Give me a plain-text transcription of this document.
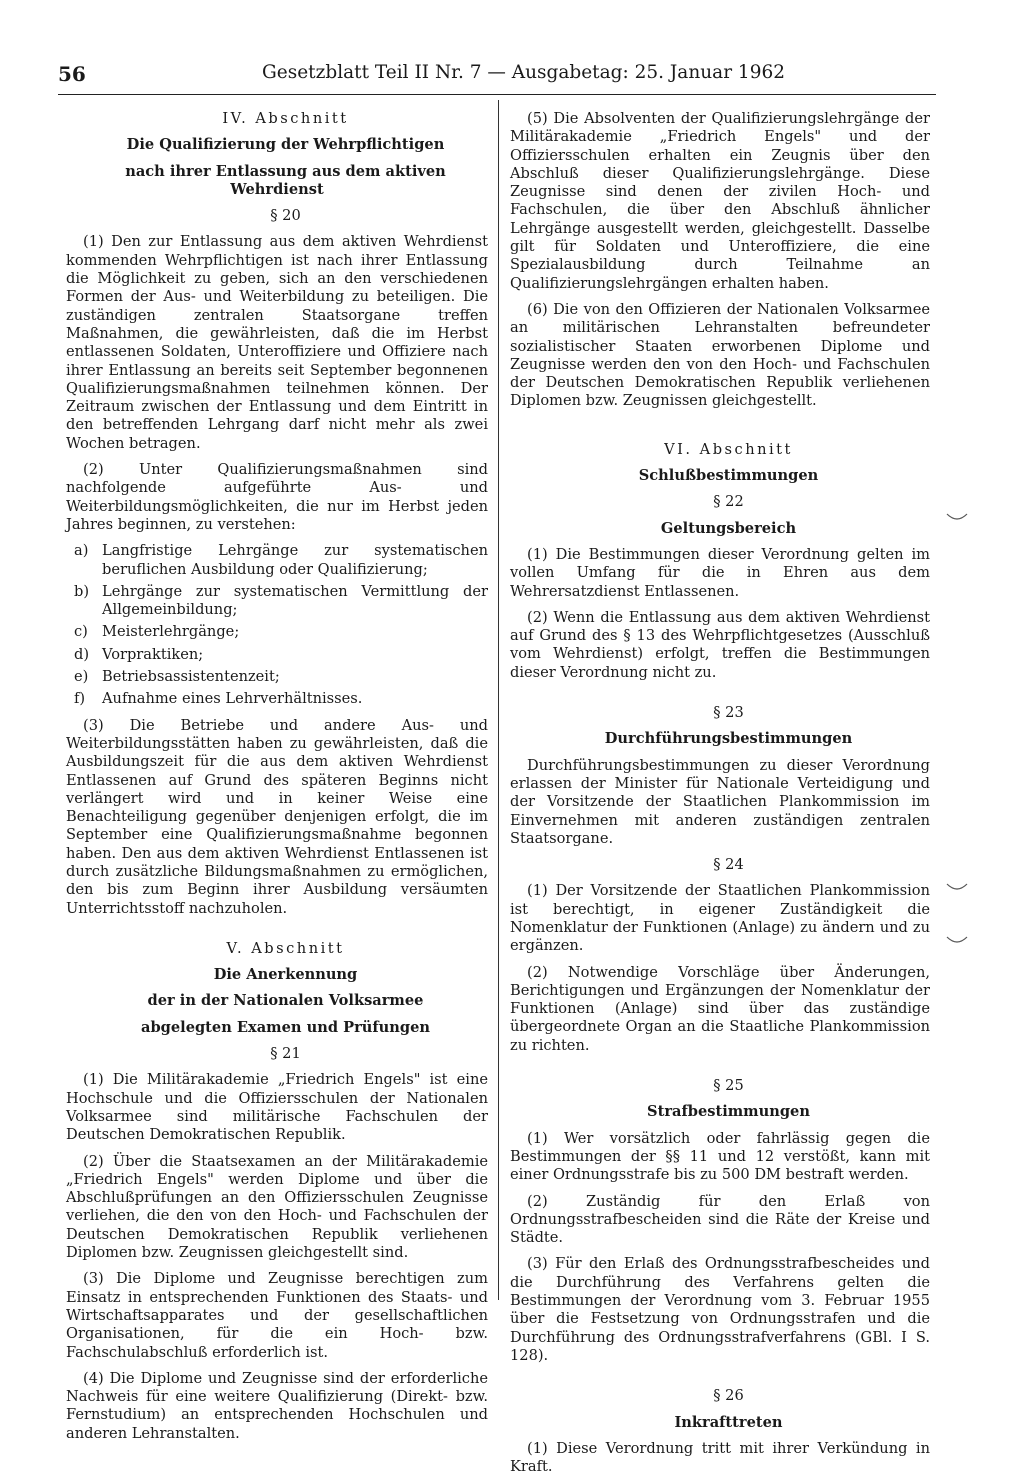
56	Gesetzblatt Teil II Nr. 7 — Ausgabetag: 25. Januar 1962

IV. Abschnitt

Die Qualifizierung der Wehrpflichtigen

nach ihrer Entlassung aus dem aktiven Wehrdienst

§ 20

(1) Den zur Entlassung aus dem aktiven Wehrdienst kommenden Wehrpflichtigen ist nach ihrer Entlassung die Möglichkeit zu geben, sich an den verschiedenen Formen der Aus- und Weiterbildung zu beteiligen. Die zuständigen zentralen Staatsorgane treffen Maßnahmen, die gewährleisten, daß die im Herbst entlassenen Soldaten, Unteroffiziere und Offiziere nach ihrer Entlassung an bereits seit September begonnenen Qualifizierungsmaßnahmen teilnehmen können. Der Zeitraum zwischen der Entlassung und dem Eintritt in den betreffenden Lehrgang darf nicht mehr als zwei Wochen betragen.

(2) Unter Qualifizierungsmaßnahmen sind nachfolgende aufgeführte Aus- und Weiterbildungsmöglichkeiten, die nur im Herbst jeden Jahres beginnen, zu verstehen:

a) Langfristige Lehrgänge zur systematischen beruflichen Ausbildung oder Qualifizierung;
b) Lehrgänge zur systematischen Vermittlung der Allgemeinbildung;
c) Meisterlehrgänge;
d) Vorpraktiken;
e) Betriebsassistentenzeit;
f)	Aufnahme eines Lehrverhältnisses.

(3) Die Betriebe und andere Aus- und Weiterbildungsstätten haben zu gewährleisten, daß die Ausbildungszeit für die aus dem aktiven Wehrdienst Entlassenen auf Grund des späteren Beginns nicht verlängert wird und in keiner Weise eine Benachteiligung gegenüber denjenigen erfolgt, die im September eine Qualifizierungsmaßnahme begonnen haben. Den aus dem aktiven Wehrdienst Entlassenen ist durch zusätzliche Bildungsmaßnahmen zu ermöglichen, den bis zum Beginn ihrer Ausbildung versäumten Unterrichtsstoff nachzuholen.

V. Abschnitt

Die Anerkennung

der in der Nationalen Volksarmee

abgelegten Examen und Prüfungen

§ 21

(1) Die Militärakademie „Friedrich Engels" ist eine Hochschule und die Offiziersschulen der Nationalen Volksarmee sind militärische Fachschulen der Deutschen Demokratischen Republik.

(2) Über die Staatsexamen an der Militärakademie „Friedrich Engels" werden Diplome und über die Abschlußprüfungen an den Offiziersschulen Zeugnisse verliehen, die den von den Hoch- und Fachschulen der Deutschen Demokratischen Republik verliehenen Diplomen bzw. Zeugnissen gleichgestellt sind.

(3) Die Diplome und Zeugnisse berechtigen zum Einsatz in entsprechenden Funktionen des Staats- und Wirtschaftsapparates und der gesellschaftlichen Organisationen, für die ein Hoch- bzw. Fachschulabschluß erforderlich ist.

(4) Die Diplome und Zeugnisse sind der erforderliche Nachweis für eine weitere Qualifizierung (Direkt- bzw. Fernstudium) an entsprechenden Hochschulen und anderen Lehranstalten.

(5) Die Absolventen der Qualifizierungslehrgänge der Militärakademie „Friedrich Engels" und der Offiziersschulen erhalten ein Zeugnis über den Abschluß dieser Qualifizierungslehrgänge. Diese Zeugnisse sind denen der zivilen Hoch- und Fachschulen, die über den Abschluß ähnlicher Lehrgänge ausgestellt werden, gleichgestellt. Dasselbe gilt für Soldaten und Unteroffiziere, die eine Spezialausbildung durch Teilnahme an Qualifizierungslehrgängen erhalten haben.

(6) Die von den Offizieren der Nationalen Volksarmee an militärischen Lehranstalten befreundeter sozialistischer Staaten erworbenen Diplome und Zeugnisse werden den von den Hoch- und Fachschulen der Deutschen Demokratischen Republik verliehenen Diplomen bzw. Zeugnissen gleichgestellt.

VI. Abschnitt

Schlußbestimmungen

§ 22

Geltungsbereich

(1) Die Bestimmungen dieser Verordnung gelten im vollen Umfang für die in Ehren aus dem Wehrersatzdienst Entlassenen.

(2) Wenn die Entlassung aus dem aktiven Wehrdienst auf Grund des § 13 des Wehrpflichtgesetzes (Ausschluß vom Wehrdienst) erfolgt, treffen die Bestimmungen dieser Verordnung nicht zu.

§ 23

Durchführungsbestimmungen

Durchführungsbestimmungen zu dieser Verordnung erlassen der Minister für Nationale Verteidigung und der Vorsitzende der Staatlichen Plankommission im Einvernehmen mit anderen zuständigen zentralen Staatsorgane.

§ 24

(1) Der Vorsitzende der Staatlichen Plankommission ist berechtigt, in eigener Zuständigkeit die Nomenklatur der Funktionen (Anlage) zu ändern und zu ergänzen.

(2) Notwendige Vorschläge über Änderungen, Berichtigungen und Ergänzungen der Nomenklatur der Funktionen (Anlage) sind über das zuständige übergeordnete Organ an die Staatliche Plankommission zu richten.

§ 25

Strafbestimmungen

(1) Wer vorsätzlich oder fahrlässig gegen die Bestimmungen der §§ 11 und 12 verstößt, kann mit einer Ordnungsstrafe bis zu 500 DM bestraft werden.

(2) Zuständig für den Erlaß von Ordnungsstrafbescheiden sind die Räte der Kreise und Städte.

(3) Für den Erlaß des Ordnungsstrafbescheides und die Durchführung des Verfahrens gelten die Bestimmungen der Verordnung vom 3. Februar 1955 über die Festsetzung von Ordnungsstrafen und die Durchführung des Ordnungsstrafverfahrens (GBl. I S. 128).

§ 26

Inkrafttreten

(1) Diese Verordnung tritt mit ihrer Verkündung in Kraft.
